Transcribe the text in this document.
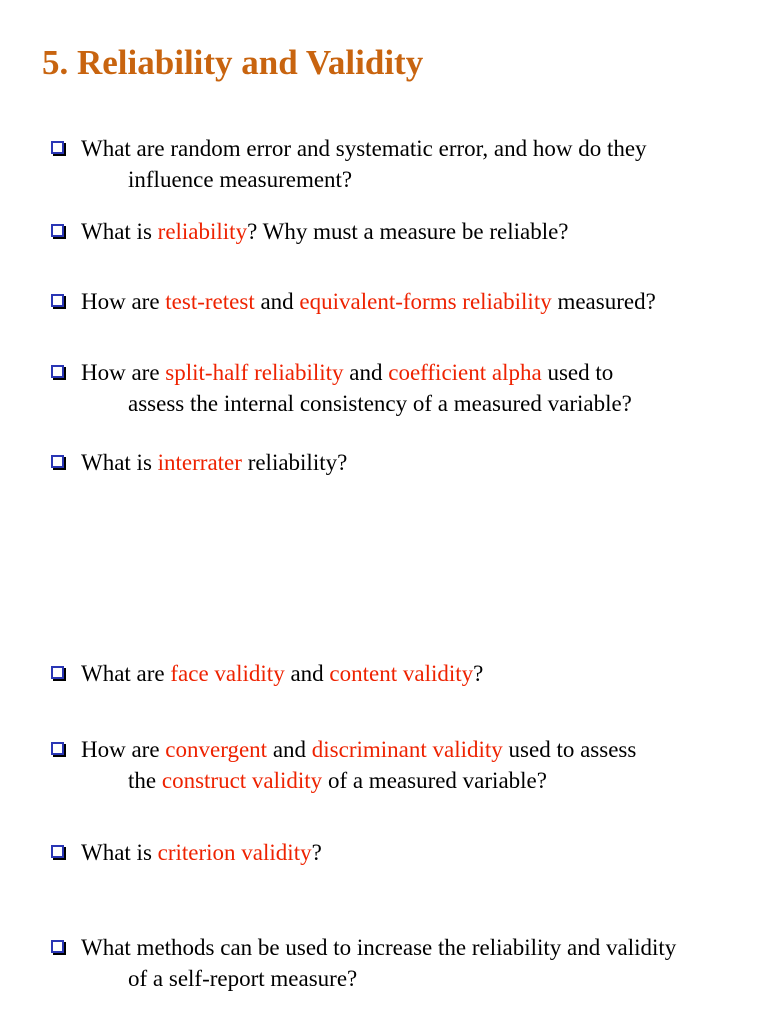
5. Reliability and Validity
What are random error and systematic error, and how do they
influence measurement?
What is reliability? Why must a measure be reliable?
How are test-retest and equivalent-forms reliability measured?
How are split-half reliability and coefficient alpha used to
assess the internal consistency of a measured variable?
What is interrater reliability?
What are face validity and content validity?
How are convergent and discriminant validity used to assess
the construct validity of a measured variable?
What is criterion validity?
What methods can be used to increase the reliability and validity
of a self-report measure?
